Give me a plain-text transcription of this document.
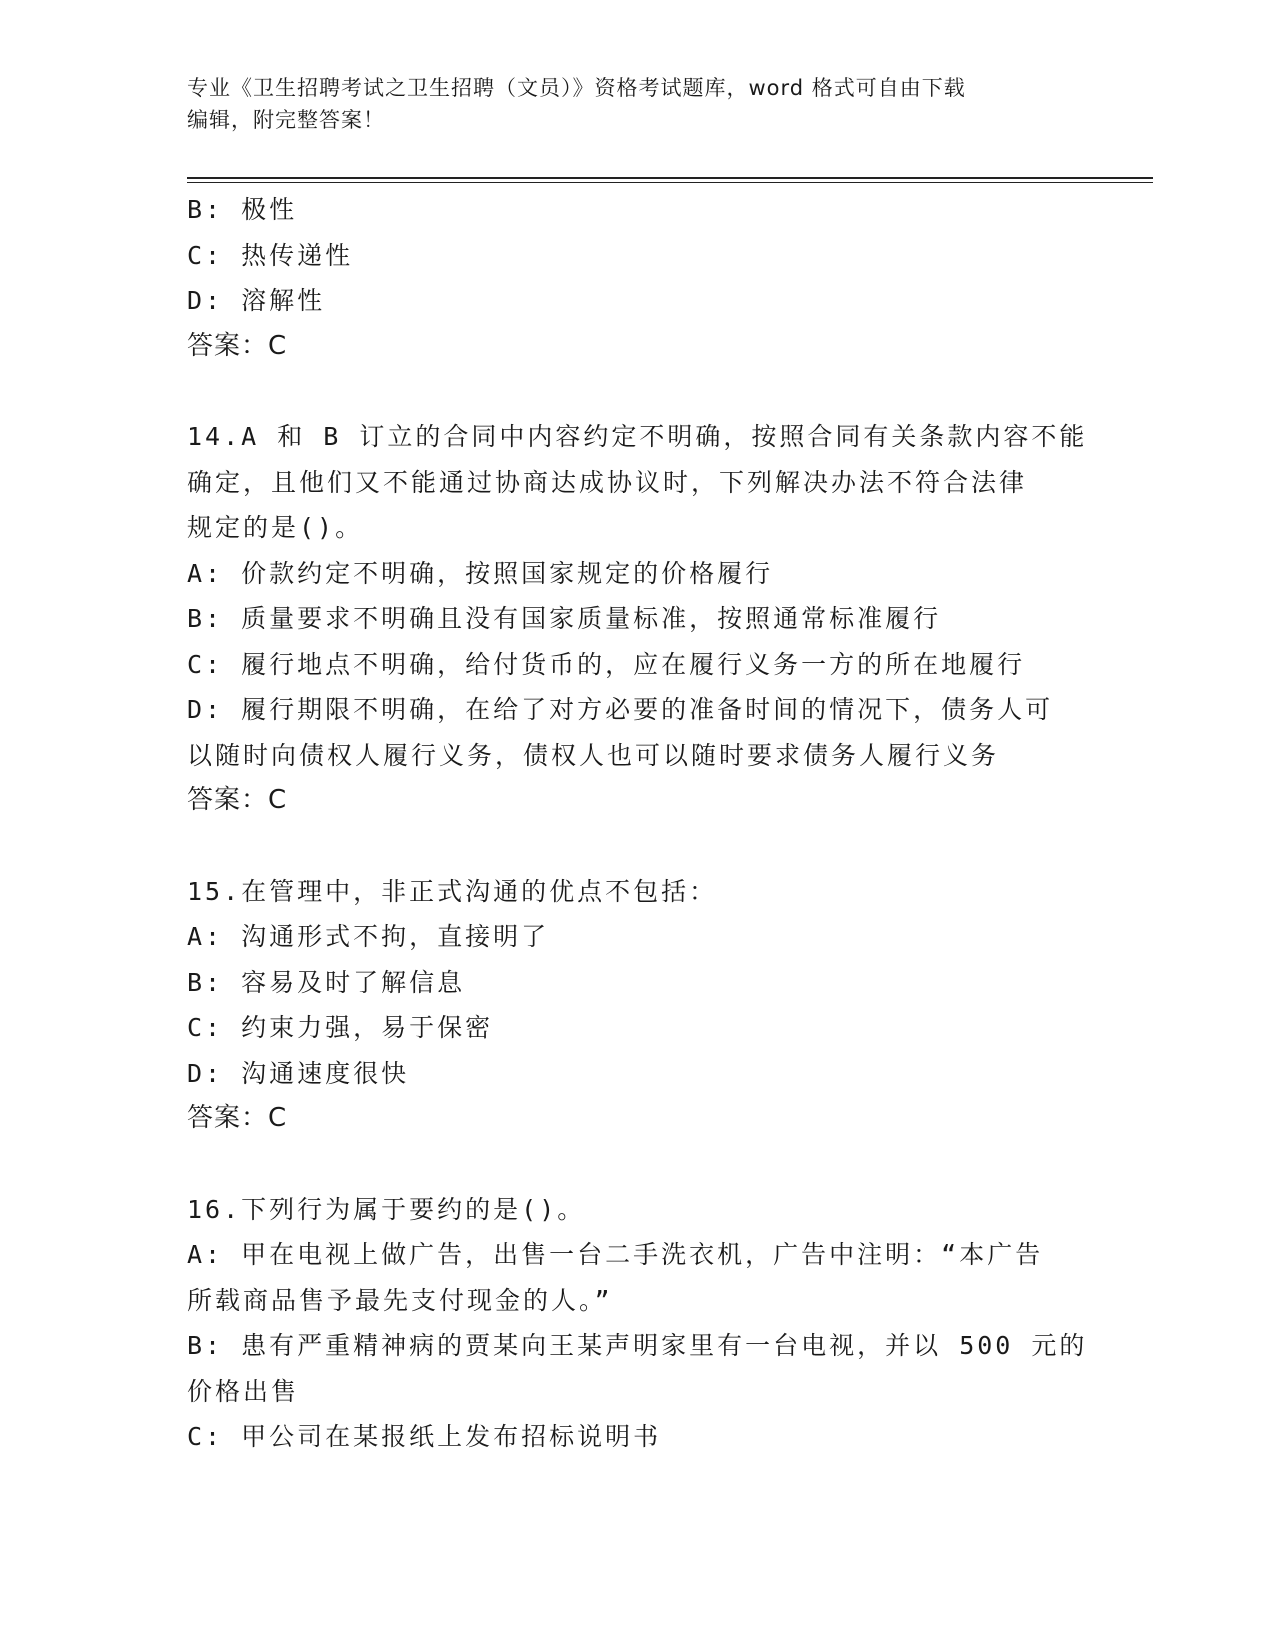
专业《卫生招聘考试之卫生招聘（文员）》资格考试题库，word 格式可自由下载
编辑，附完整答案！
B: 极性
C: 热传递性
D: 溶解性
答案：C
14.A 和 B 订立的合同中内容约定不明确，按照合同有关条款内容不能
确定，且他们又不能通过协商达成协议时，下列解决办法不符合法律
规定的是()。
A: 价款约定不明确，按照国家规定的价格履行
B: 质量要求不明确且没有国家质量标准，按照通常标准履行
C: 履行地点不明确，给付货币的，应在履行义务一方的所在地履行
D: 履行期限不明确，在给了对方必要的准备时间的情况下，债务人可
以随时向债权人履行义务，债权人也可以随时要求债务人履行义务
答案：C
15.在管理中，非正式沟通的优点不包括：
A: 沟通形式不拘，直接明了
B: 容易及时了解信息
C: 约束力强，易于保密
D: 沟通速度很快
答案：C
16.下列行为属于要约的是()。
A: 甲在电视上做广告，出售一台二手洗衣机，广告中注明：“本广告
所载商品售予最先支付现金的人。”
B: 患有严重精神病的贾某向王某声明家里有一台电视，并以 500 元的
价格出售
C: 甲公司在某报纸上发布招标说明书
